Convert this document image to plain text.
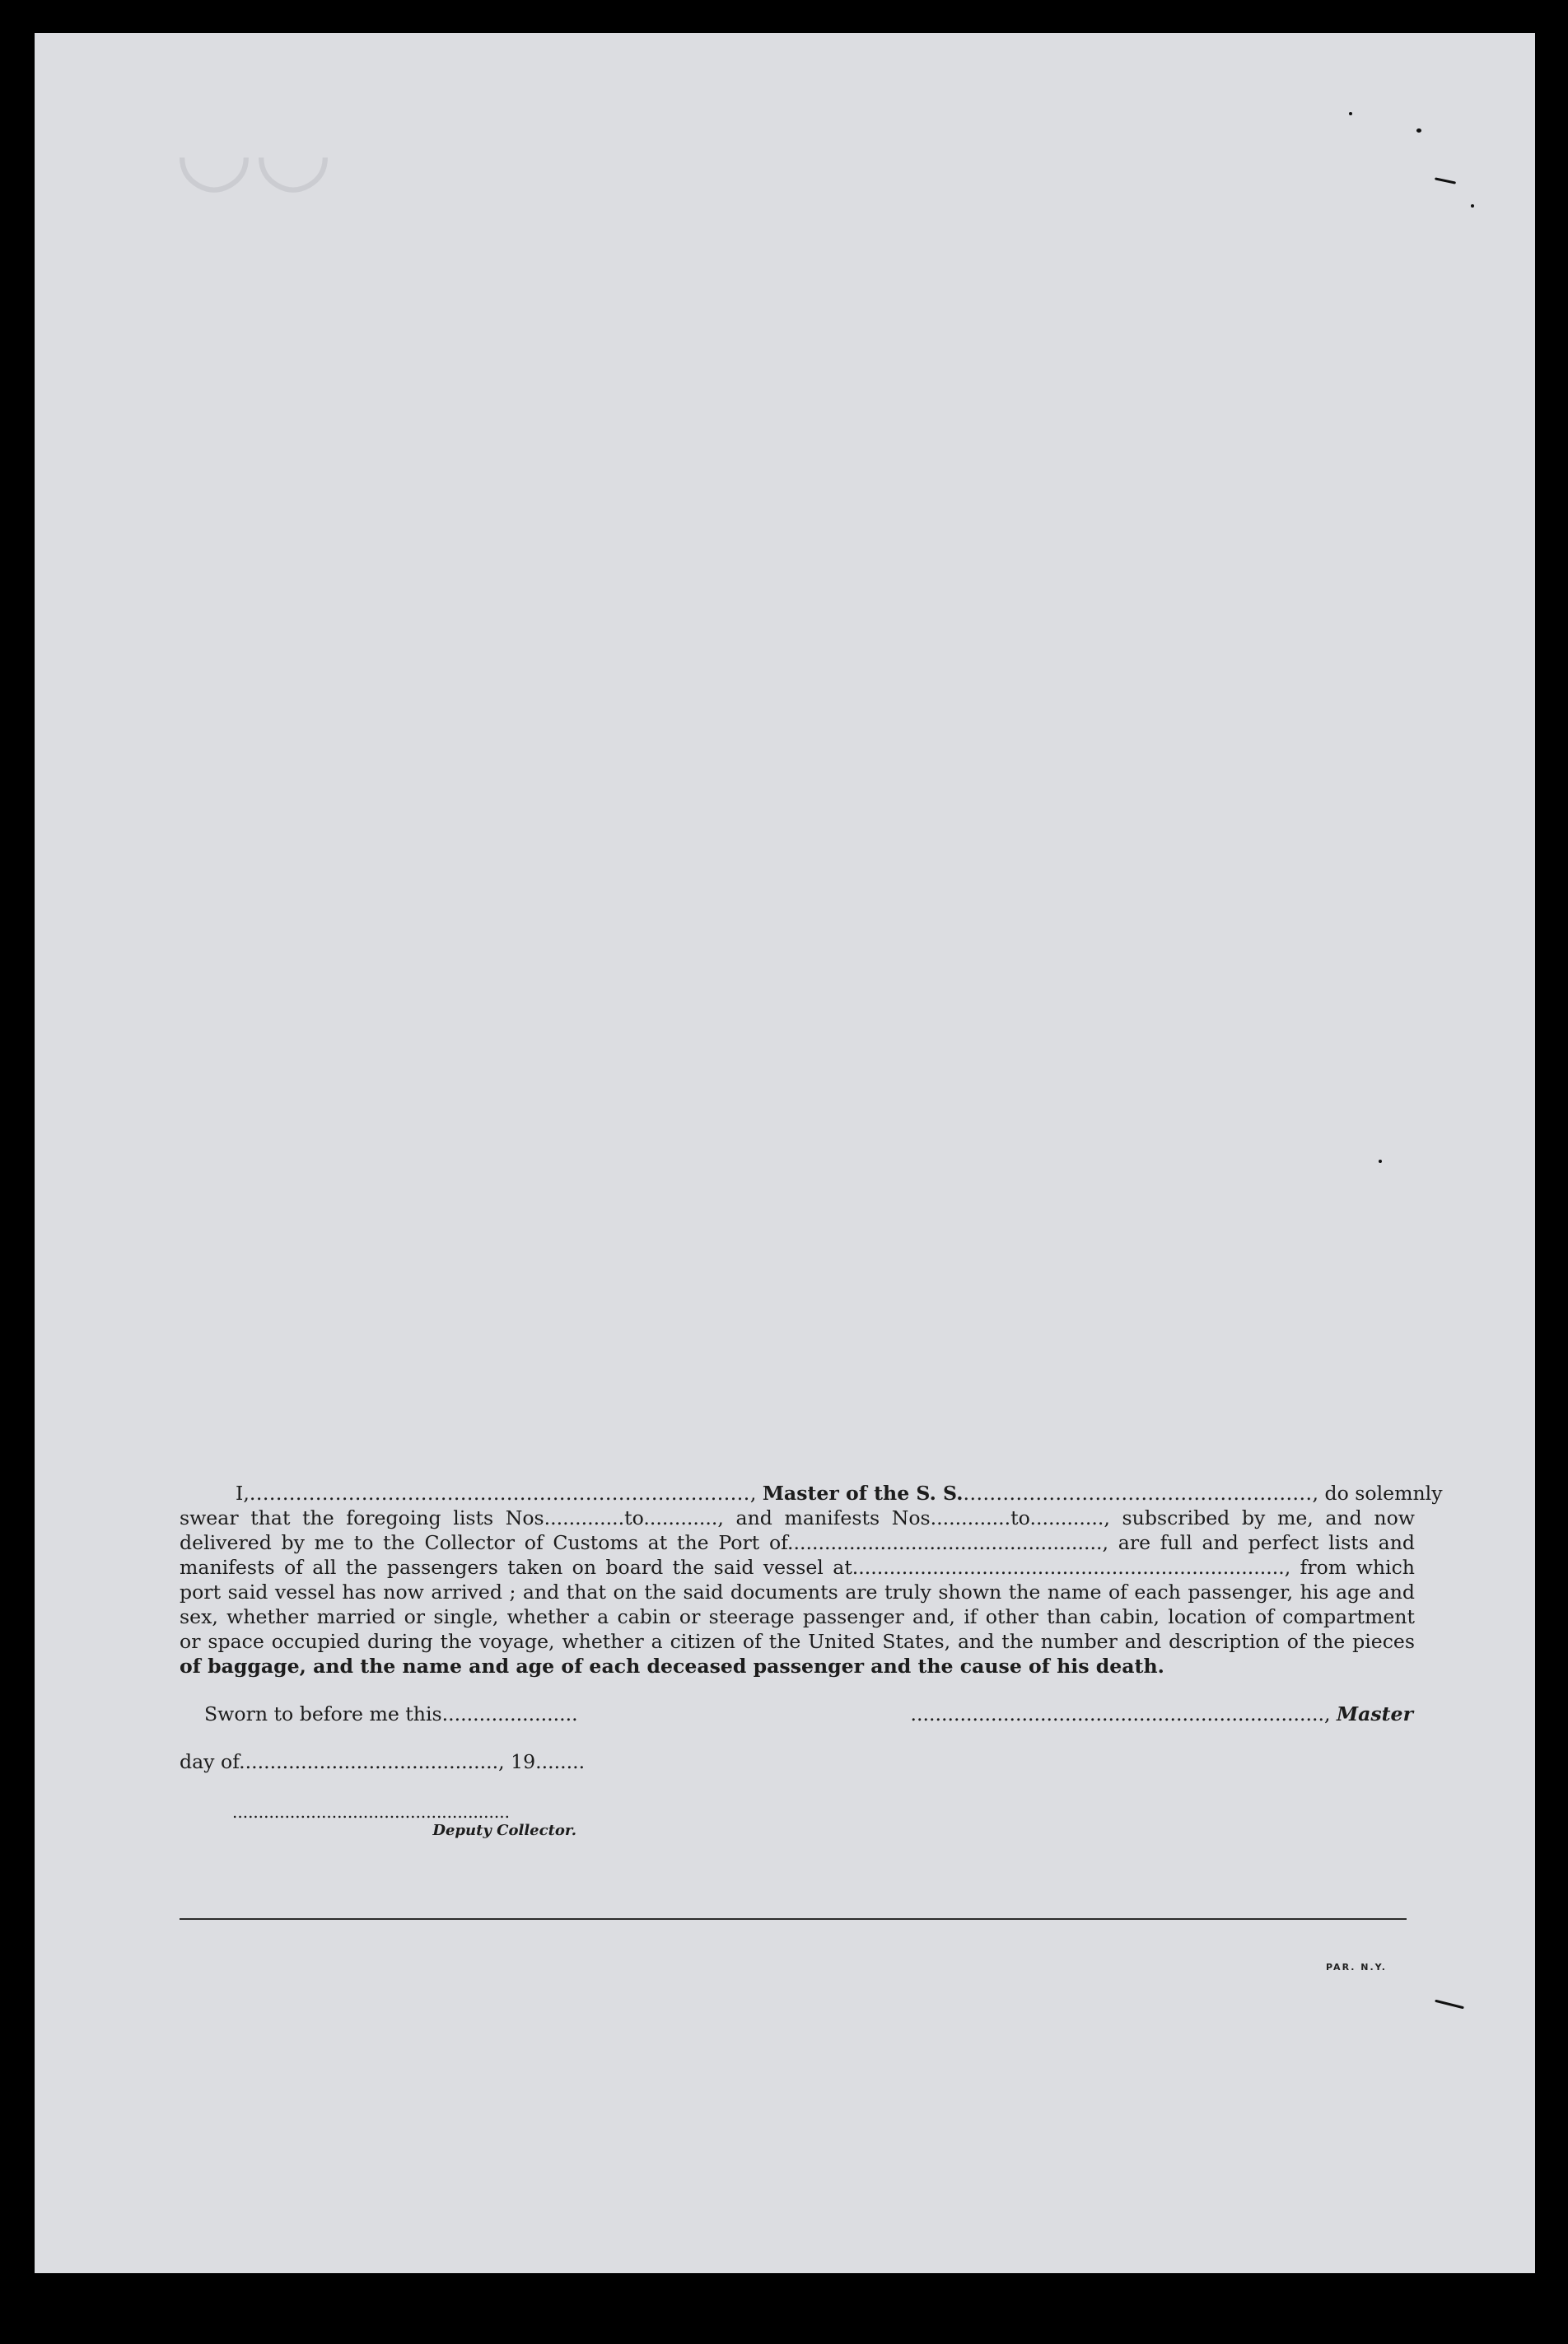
◡◡
I,............................................................................, Master of the S. S......................................................, do solemnly
swear that the foregoing lists Nos.............to............, and manifests Nos.............to............, subscribed by me, and now
delivered by me to the Collector of Customs at the Port of..................................................., are full and perfect lists and
manifests of all the passengers taken on board the said vessel at......................................................................, from which
port said vessel has now arrived ; and that on the said documents are truly shown the name of each passenger, his age and
sex, whether married or single, whether a cabin or steerage passenger and, if other than cabin, location of compartment
or space occupied during the voyage, whether a citizen of the United States, and the number and description of the pieces
of baggage, and the name and age of each deceased passenger and the cause of his death.
Sworn to before me this......................	..................................................................., Master
day of.........................................., 19........
.....................................................
Deputy Collector.
PAR. N.Y.
